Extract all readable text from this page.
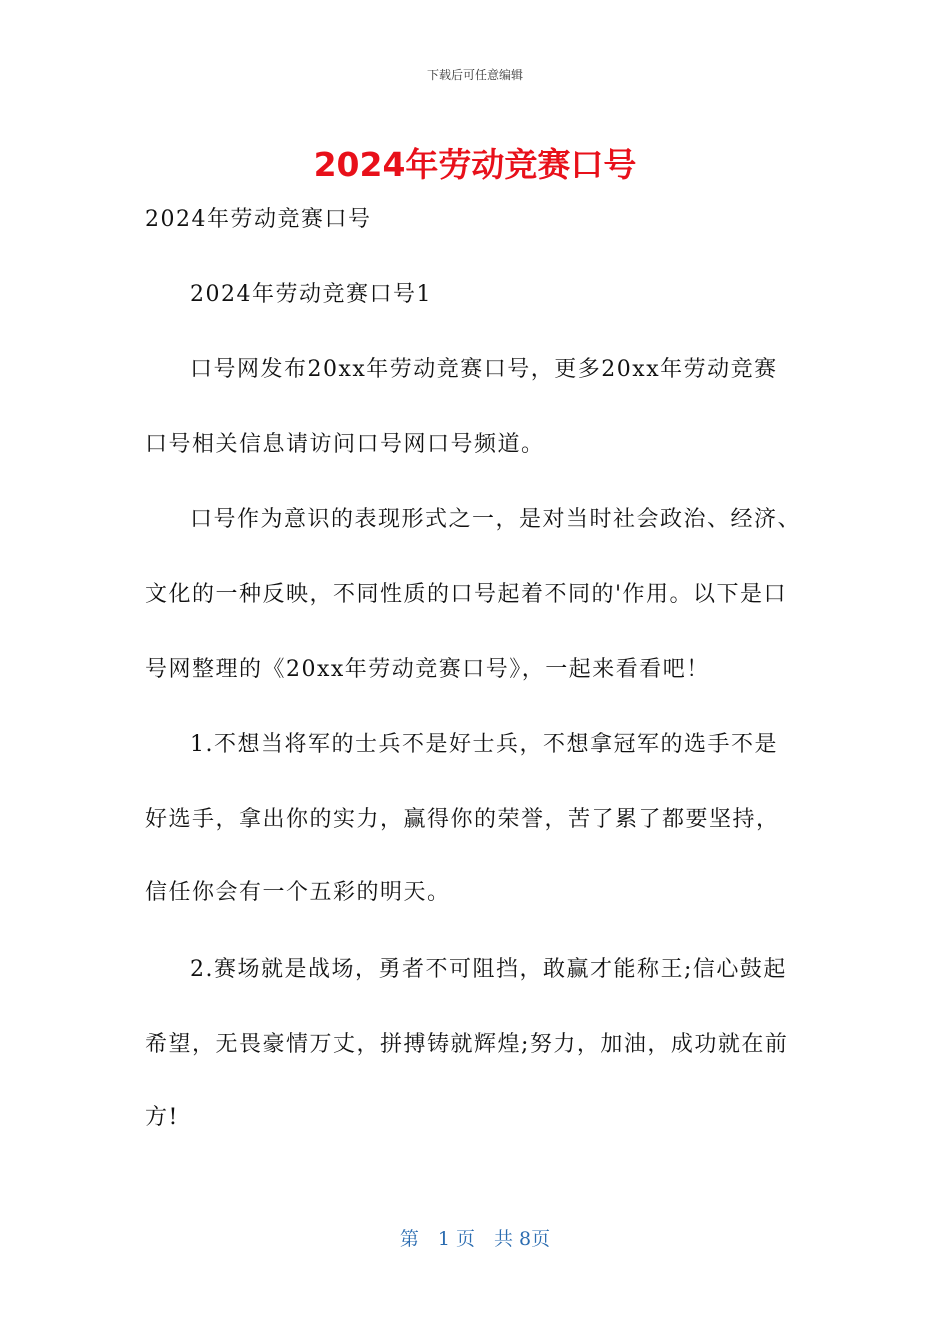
下载后可任意编辑
2024年劳动竞赛口号
2024年劳动竞赛口号
2024年劳动竞赛口号1
口号网发布20xx年劳动竞赛口号，更多20xx年劳动竞赛
口号相关信息请访问口号网口号频道。
口号作为意识的表现形式之一，是对当时社会政治、经济、
文化的一种反映，不同性质的口号起着不同的'作用。以下是口
号网整理的《20xx年劳动竞赛口号》，一起来看看吧！
1.不想当将军的士兵不是好士兵，不想拿冠军的选手不是
好选手，拿出你的实力，赢得你的荣誉，苦了累了都要坚持，
信任你会有一个五彩的明天。
2.赛场就是战场，勇者不可阻挡，敢赢才能称王;信心鼓起
希望，无畏豪情万丈，拼搏铸就辉煌;努力，加油，成功就在前
方!
第　1 页　共 8页
